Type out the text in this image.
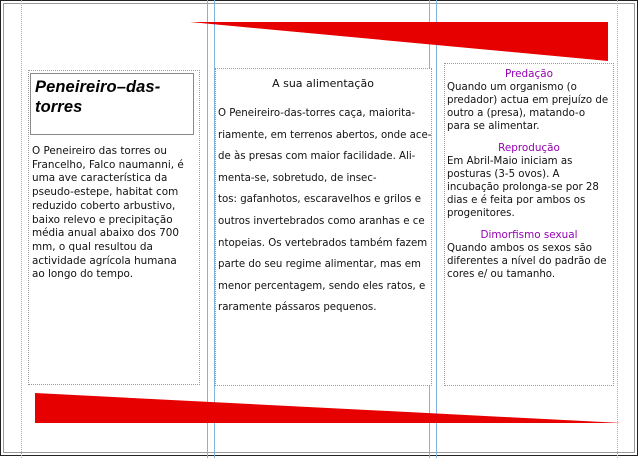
Peneireiro–das-torres
O Peneireiro das torres ou Francelho, Falco naumanni, é uma ave característica da pseudo-estepe, habitat com reduzido coberto arbustivo, baixo relevo e precipitação média anual abaixo dos 700 mm, o qual resultou da actividade agrícola humana ao longo do tempo.
A sua alimentação
O Peneireiro-das-torres caça, maiorita-
riamente, em terrenos abertos, onde ace-
de às presas com maior facilidade. Ali-
menta-se, sobretudo, de insec-
tos: gafanhotos, escaravelhos e grilos e
outros invertebrados como aranhas e ce
ntopeias. Os vertebrados também fazem
parte do seu regime alimentar, mas em
menor percentagem, sendo eles ratos, e
raramente pássaros pequenos.

Predação

Quando um organismo (o predador) actua em prejuízo de outro a (presa), matando-o para se alimentar.

Reprodução

Em Abril-Maio iniciam as posturas (3-5 ovos). A incubação prolonga-se por 28 dias e é feita por ambos os progenitores.

Dimorfismo sexual

Quando ambos os sexos são diferentes a nível do padrão de cores e/ ou tamanho.
